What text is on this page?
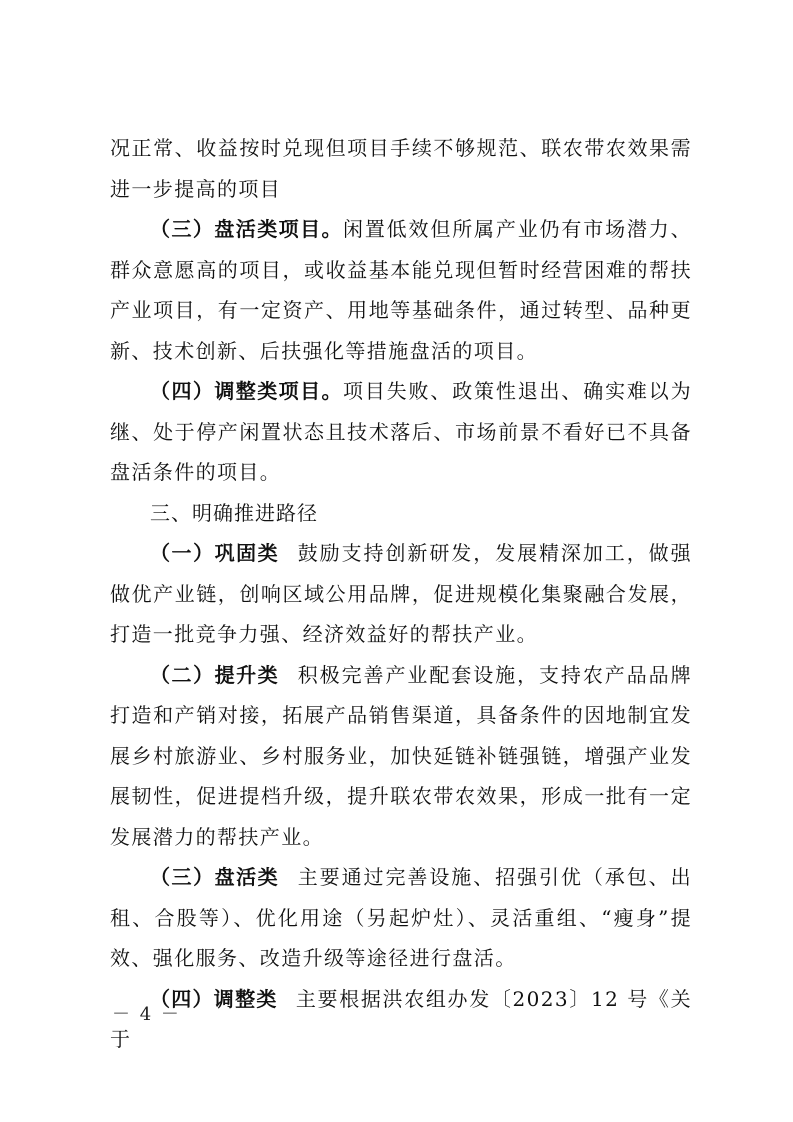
况正常、收益按时兑现但项目手续不够规范、联农带农效果需进一步提高的项目

（三）盘活类项目。闲置低效但所属产业仍有市场潜力、群众意愿高的项目，或收益基本能兑现但暂时经营困难的帮扶产业项目，有一定资产、用地等基础条件，通过转型、品种更新、技术创新、后扶强化等措施盘活的项目。

（四）调整类项目。项目失败、政策性退出、确实难以为继、处于停产闲置状态且技术落后、市场前景不看好已不具备盘活条件的项目。

三、明确推进路径

（一）巩固类 鼓励支持创新研发，发展精深加工，做强做优产业链，创响区域公用品牌，促进规模化集聚融合发展，打造一批竞争力强、经济效益好的帮扶产业。

（二）提升类 积极完善产业配套设施，支持农产品品牌打造和产销对接，拓展产品销售渠道，具备条件的因地制宜发展乡村旅游业、乡村服务业，加快延链补链强链，增强产业发展韧性，促进提档升级，提升联农带农效果，形成一批有一定发展潜力的帮扶产业。

（三）盘活类 主要通过完善设施、招强引优（承包、出租、合股等）、优化用途（另起炉灶）、灵活重组、“瘦身”提效、强化服务、改造升级等途径进行盘活。

（四）调整类 主要根据洪农组办发〔2023〕12 号《关于

－ 4 －
